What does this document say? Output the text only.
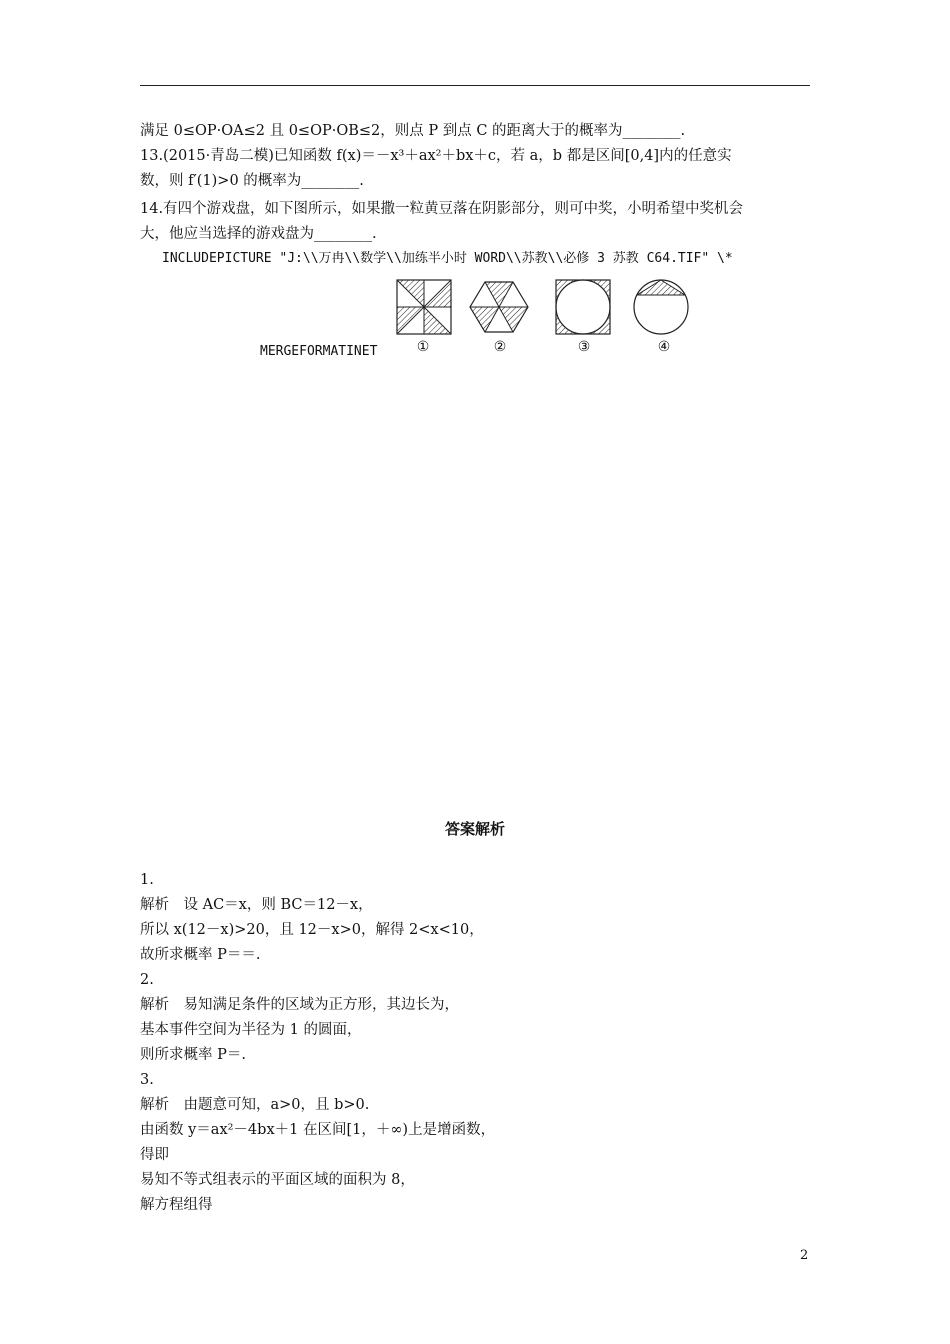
满足 0≤OP·OA≤2 且 0≤OP·OB≤2，则点 P 到点 C 的距离大于的概率为________.
13.(2015·青岛二模)已知函数 f(x)＝－x³＋ax²＋bx＋c，若 a，b 都是区间[0,4]内的任意实
数，则 f′(1)>0 的概率为________.
14.有四个游戏盘，如下图所示，如果撒一粒黄豆落在阴影部分，则可中奖，小明希望中奖机会
大，他应当选择的游戏盘为________.
INCLUDEPICTURE "J:\\万冉\\数学\\加练半小时 WORD\\苏教\\必修 3 苏教 C64.TIF" \*
MERGEFORMATINET	①	②	③	④
答案解析
1.
解析　设 AC＝x，则 BC＝12－x，
所以 x(12－x)>20，且 12－x>0，解得 2<x<10，
故所求概率 P＝＝.
2.
解析　易知满足条件的区域为正方形，其边长为，
基本事件空间为半径为 1 的圆面，
则所求概率 P＝.
3.
解析　由题意可知，a>0，且 b>0.
由函数 y＝ax²－4bx＋1 在区间[1，＋∞)上是增函数，
得即
易知不等式组表示的平面区域的面积为 8，
解方程组得
2
